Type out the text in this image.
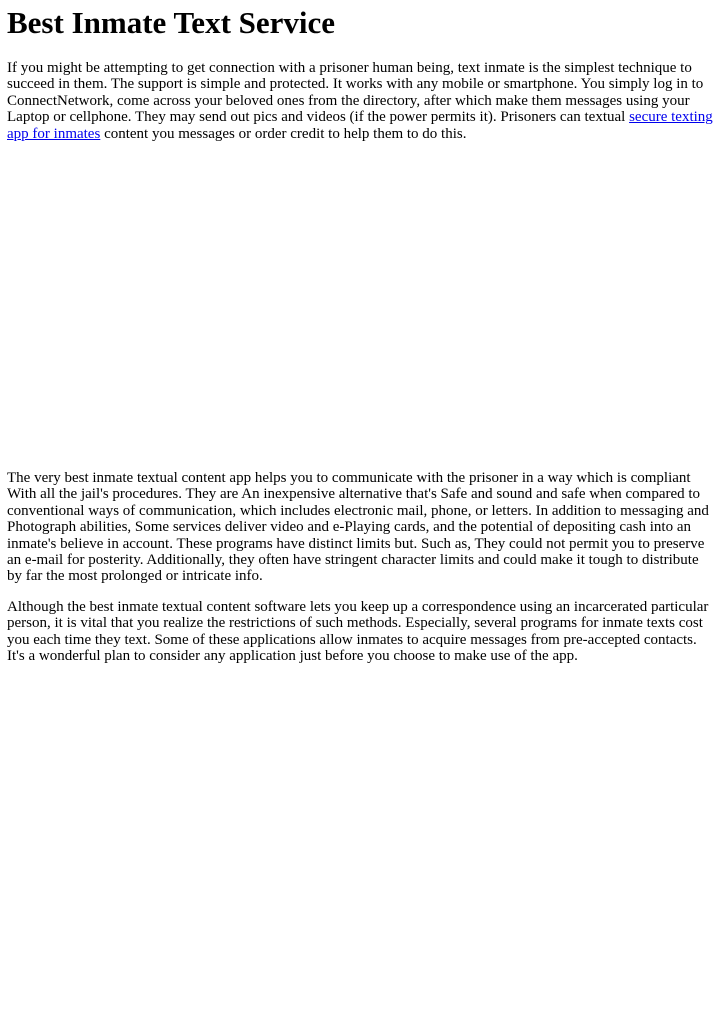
Best Inmate Text Service

If you might be attempting to get connection with a prisoner human being, text inmate is the simplest technique to succeed in them. The support is simple and protected. It works with any mobile or smartphone. You simply log in to ConnectNetwork, come across your beloved ones from the directory, after which make them messages using your Laptop or cellphone. They may send out pics and videos (if the power permits it). Prisoners can textual secure texting app for inmates content you messages or order credit to help them to do this.

The very best inmate textual content app helps you to communicate with the prisoner in a way which is compliant With all the jail's procedures. They are An inexpensive alternative that's Safe and sound and safe when compared to conventional ways of communication, which includes electronic mail, phone, or letters. In addition to messaging and Photograph abilities, Some services deliver video and e-Playing cards, and the potential of depositing cash into an inmate's believe in account. These programs have distinct limits but. Such as, They could not permit you to preserve an e-mail for posterity. Additionally, they often have stringent character limits and could make it tough to distribute by far the most prolonged or intricate info.

Although the best inmate textual content software lets you keep up a correspondence using an incarcerated particular person, it is vital that you realize the restrictions of such methods. Especially, several programs for inmate texts cost you each time they text. Some of these applications allow inmates to acquire messages from pre-accepted contacts. It's a wonderful plan to consider any application just before you choose to make use of the app.
